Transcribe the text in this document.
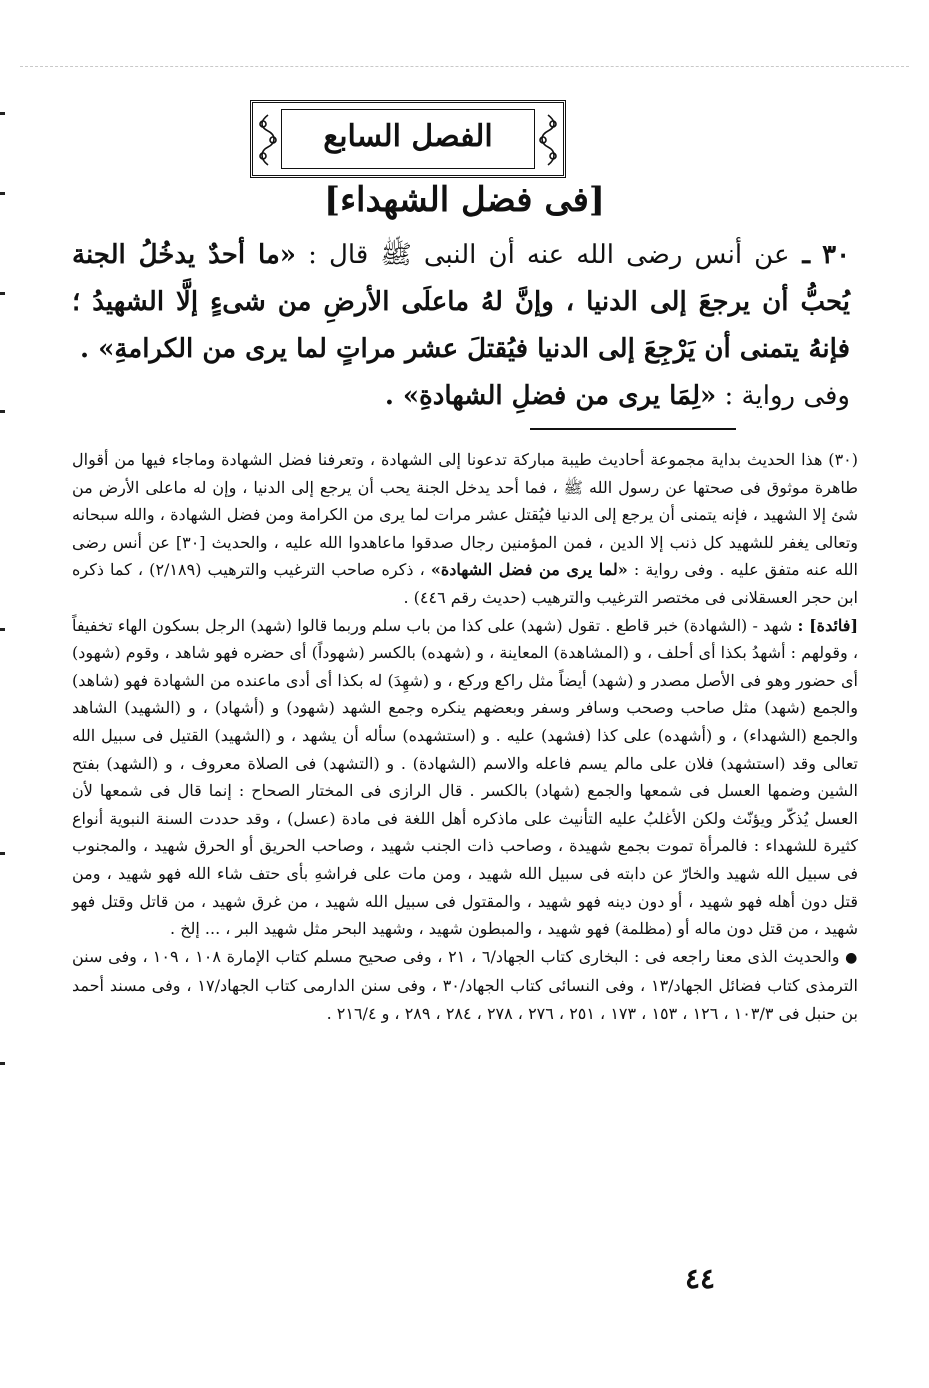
الفصل السابع
[فى فضل الشهداء]
٣٠ ـ عن أنس رضى الله عنه أن النبى ﷺ قال : «ما أحدٌ يدخُلُ الجنة يُحبُّ أن يرجعَ إلى الدنيا ، وإنَّ لهُ ماعلَى الأرضِ من شىءٍ إلَّا الشهيدُ ؛ فإنهُ يتمنى أن يَرْجِعَ إلى الدنيا فيُقتلَ عشر مراتٍ لما يرى من الكرامةِ» .
وفى رواية : «لِمَا يرى من فضلِ الشهادةِ» .

(٣٠) هذا الحديث بداية مجموعة أحاديث طيبة مباركة تدعونا إلى الشهادة ، وتعرفنا فضل الشهادة وماجاء فيها من أقوال طاهرة موثوق فى صحتها عن رسول الله ﷺ ، فما أحد يدخل الجنة يحب أن يرجع إلى الدنيا ، وإن له ماعلى الأرض من شئ إلا الشهيد ، فإنه يتمنى أن يرجع إلى الدنيا فيُقتل عشر مرات لما يرى من الكرامة ومن فضل الشهادة ، والله سبحانه وتعالى يغفر للشهيد كل ذنب إلا الدين ، فمن المؤمنين رجال صدقوا ماعاهدوا الله عليه ، والحديث [٣٠] عن أنس رضى الله عنه متفق عليه . وفى رواية : «لما يرى من فضل الشهادة» ، ذكره صاحب الترغيب والترهيب (٢/١٨٩) ، كما ذكره ابن حجر العسقلانى فى مختصر الترغيب والترهيب (حديث رقم ٤٤٦) .

[فائدة] : شهد - (الشهادة) خبر قاطع . تقول (شهد) على كذا من باب سلم وربما قالوا (شهد) الرجل بسكون الهاء تخفيفاً ، وقولهم : أشهدُ بكذا أى أحلف ، و (المشاهدة) المعاينة ، و (شهده) بالكسر (شهوداً) أى حضره فهو شاهد ، وقوم (شهود) أى حضور وهو فى الأصل مصدر و (شهد) أيضاً مثل راكع وركع ، و (شهِدَ) له بكذا أى أدى ماعنده من الشهادة فهو (شاهد) والجمع (شهد) مثل صاحب وصحب وسافر وسفر وبعضهم ينكره وجمع الشهد (شهود) و (أشهاد) ، و (الشهيد) الشاهد والجمع (الشهداء) ، و (أشهده) على كذا (فشهد) عليه . و (استشهده) سأله أن يشهد ، و (الشهيد) القتيل فى سبيل الله تعالى وقد (استشهد) فلان على مالم يسم فاعله والاسم (الشهادة) . و (التشهد) فى الصلاة معروف ، و (الشهد) بفتح الشين وضمها العسل فى شمعها والجمع (شهاد) بالكسر . قال الرازى فى المختار الصحاح : إنما قال فى شمعها لأن العسل يُذكّر ويؤنّث ولكن الأغلبُ عليه التأنيث على ماذكره أهل اللغة فى مادة (عسل) ، وقد حددت السنة النبوية أنواع كثيرة للشهداء : فالمرأة تموت بجمع شهيدة ، وصاحب ذات الجنب شهيد ، وصاحب الحريق أو الحرق شهيد ، والمجنوب فى سبيل الله شهيد والخارّ عن دابته فى سبيل الله شهيد ، ومن مات على فراشهِ بأى حتف شاء الله فهو شهيد ، ومن قتل دون أهله فهو شهيد ، أو دون دينه فهو شهيد ، والمقتول فى سبيل الله شهيد ، من غرق شهيد ، من قاتل وقتل فهو شهيد ، من قتل دون ماله أو (مظلمة) فهو شهيد ، والمبطون شهيد ، وشهيد البحر مثل شهيد البر ، ... إلخ .

● والحديث الذى معنا راجعه فى : البخارى كتاب الجهاد/٦ ، ٢١ ، وفى صحيح مسلم كتاب الإمارة ١٠٨ ، ١٠٩ ، وفى سنن الترمذى كتاب فضائل الجهاد/١٣ ، وفى النسائى كتاب الجهاد/٣٠ ، وفى سنن الدارمى كتاب الجهاد/١٧ ، وفى مسند أحمد بن حنبل فى ١٠٣/٣ ، ١٢٦ ، ١٥٣ ، ١٧٣ ، ٢٥١ ، ٢٧٦ ، ٢٧٨ ، ٢٨٤ ، ٢٨٩ ، و ٢١٦/٤ .

٤٤
